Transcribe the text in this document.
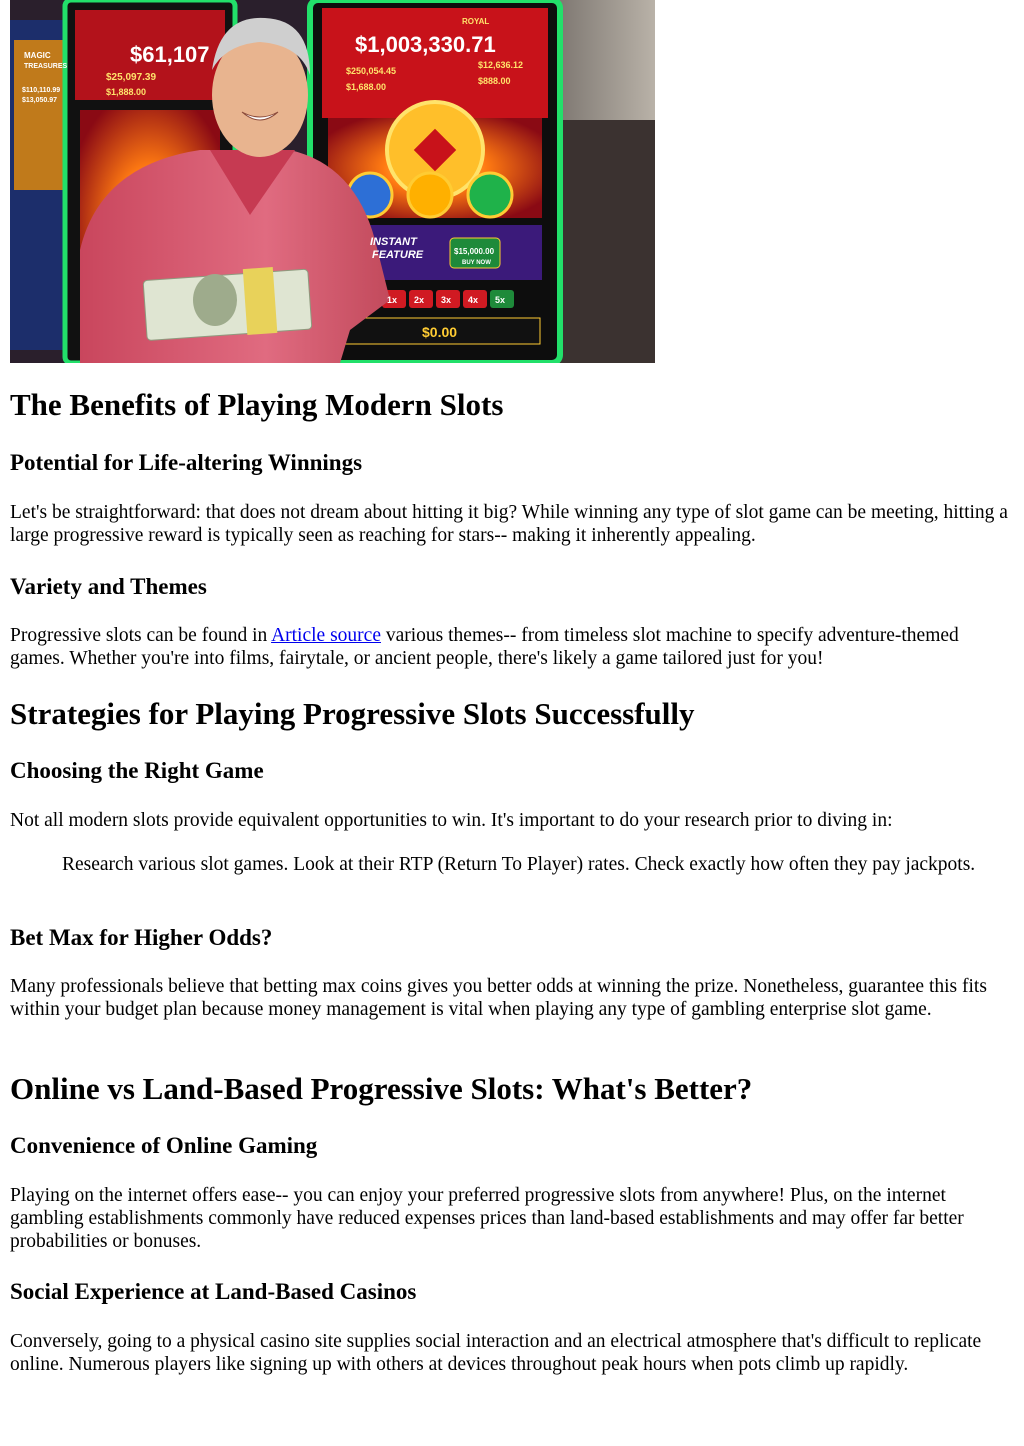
$61,107
$25,097.39
$1,888.00
ROYAL
$1,003,330.71
$250,054.45
$1,688.00
$12,636.12
$888.00
MAGIC
TREASURES
$110,110.99
$13,050.97
INSTANT
FEATURE	$15,000.00
BUY NOW
1x 2x 3x 4x 5x
$0.00
The Benefits of Playing Modern Slots
Potential for Life-altering Winnings

Let's be straightforward: that does not dream about hitting it big? While winning any type of slot game can be meeting, hitting a large progressive reward is typically seen as reaching for stars-- making it inherently appealing.

Variety and Themes

Progressive slots can be found in Article source various themes-- from timeless slot machine to specify adventure-themed games. Whether you're into films, fairytale, or ancient people, there's likely a game tailored just for you!

Strategies for Playing Progressive Slots Successfully
Choosing the Right Game

Not all modern slots provide equivalent opportunities to win. It's important to do your research prior to diving in:

Research various slot games. Look at their RTP (Return To Player) rates. Check exactly how often they pay jackpots.
Bet Max for Higher Odds?

Many professionals believe that betting max coins gives you better odds at winning the prize. Nonetheless, guarantee this fits within your budget plan because money management is vital when playing any type of gambling enterprise slot game.

Online vs Land-Based Progressive Slots: What's Better?
Convenience of Online Gaming

Playing on the internet offers ease-- you can enjoy your preferred progressive slots from anywhere! Plus, on the internet gambling establishments commonly have reduced expenses prices than land-based establishments and may offer far better probabilities or bonuses.

Social Experience at Land-Based Casinos

Conversely, going to a physical casino site supplies social interaction and an electrical atmosphere that's difficult to replicate online. Numerous players like signing up with others at devices throughout peak hours when pots climb up rapidly.
